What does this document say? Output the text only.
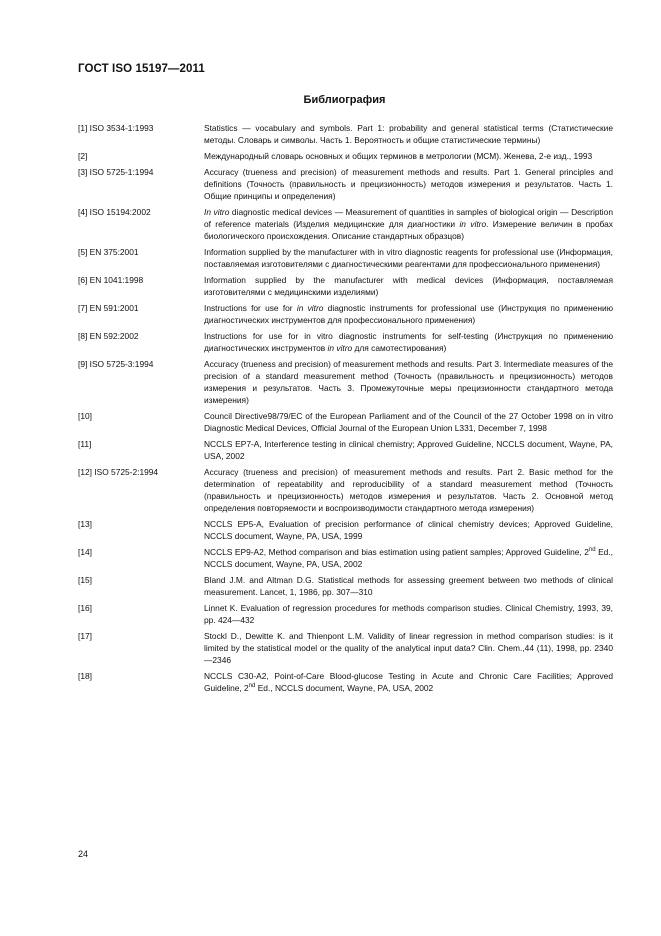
ГОСТ ISO 15197—2011
Библиография
[1] ISO 3534-1:1993	Statistics — vocabulary and symbols. Part 1: probability and general statistical terms (Статистические методы. Словарь и символы. Часть 1. Вероятность и общие статистические термины)
[2]	Международный словарь основных и общих терминов в метрологии (МСМ). Женева, 2-е изд., 1993
[3] ISO 5725-1:1994	Accuracy (trueness and precision) of measurement methods and results. Part 1. General principles and definitions (Точность (правильность и прецизионность) методов измерения и результатов. Часть 1. Общие принципы и определения)
[4] ISO 15194:2002	In vitro diagnostic medical devices — Measurement of quantities in samples of biological origin — Description of reference materials (Изделия медицинские для диагностики in vitro. Измерение величин в пробах биологического происхождения. Описание стандартных образцов)
[5] EN 375:2001	Information supplied by the manufacturer with in vitro diagnostic reagents for professional use (Информация, поставляемая изготовителями с диагностическими реагентами для профессионального применения)
[6] EN 1041:1998	Information supplied by the manufacturer with medical devices (Информация, поставляемая изготовителями с медицинскими изделиями)
[7] EN 591:2001	Instructions for use for in vitro diagnostic instruments for professional use (Инструкция по применению диагностических инструментов для профессионального применения)
[8] EN 592:2002	Instructions for use for in vitro diagnostic instruments for self-testing (Инструкция по применению диагностических инструментов in vitro для самотестирования)
[9] ISO 5725-3:1994	Accuracy (trueness and precision) of measurement methods and results. Part 3. Intermediate measures of the precision of a standard measurement method (Точность (правильность и прецизионность) методов измерения и результатов. Часть 3. Промежуточные меры прецизионности стандартного метода измерения)
[10]	Council Directive98/79/EC of the European Parliament and of the Council of the 27 October 1998 on in vitro Diagnostic Medical Devices, Official Journal of the European Union L331, December 7, 1998
[11]	NCCLS EP7-A, Interference testing in clinical chemistry; Approved Guideline, NCCLS document, Wayne, PA, USA, 2002
[12] ISO 5725-2:1994	Accuracy (trueness and precision) of measurement methods and results. Part 2. Basic method for the determination of repeatability and reproducibility of a standard measurement method (Точность (правильность и прецизионность) методов измерения и результатов. Часть 2. Основной метод определения повторяемости и воспроизводимости стандартного метода измерения)
[13]	NCCLS EP5-A, Evaluation of precision performance of clinical chemistry devices; Approved Guideline, NCCLS document, Wayne, PA, USA, 1999
[14]	NCCLS EP9-A2, Method comparison and bias estimation using patient samples; Approved Guideline, 2nd Ed., NCCLS document, Wayne, PA, USA, 2002
[15]	Bland J.M. and Altman D.G. Statistical methods for assessing greement between two methods of clinical measurement. Lancet, 1, 1986, pp. 307—310
[16]	Linnet K. Evaluation of regression procedures for methods comparison studies. Clinical Chemistry, 1993, 39, pp. 424—432
[17]	Stockl D., Dewitte K. and Thienpont L.M. Validity of linear regression in method comparison studies: is it limited by the statistical model or the quality of the analytical input data? Clin. Chem.,44 (11), 1998, pp. 2340—2346
[18]	NCCLS C30-A2, Point-of-Care Blood-glucose Testing in Acute and Chronic Care Facilities; Approved Guideline, 2nd Ed., NCCLS document, Wayne, PA, USA, 2002
24
